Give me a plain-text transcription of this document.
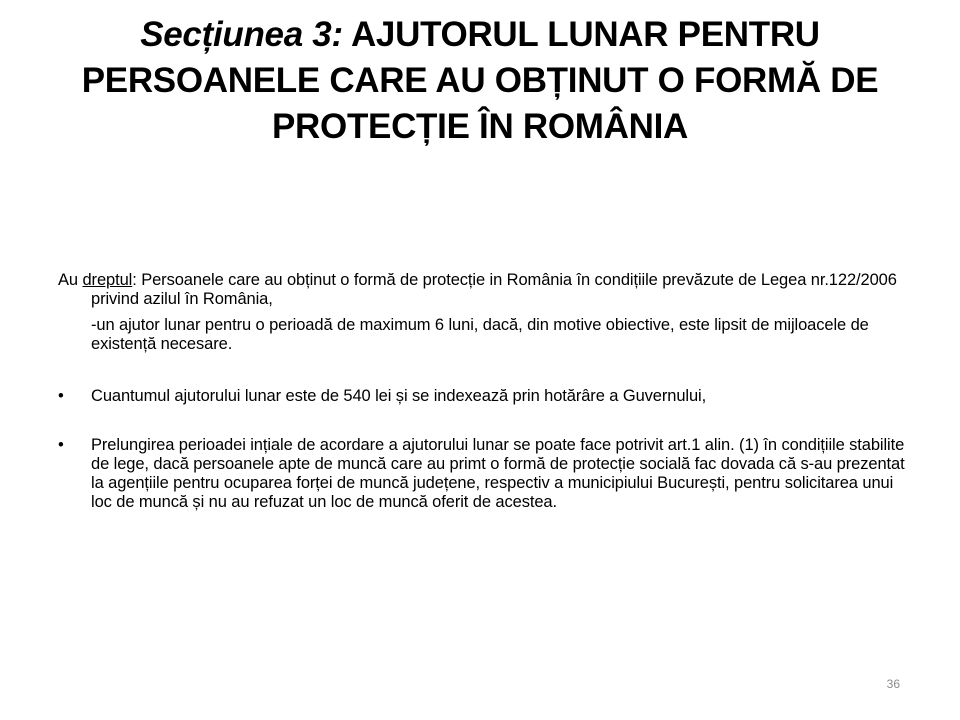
Secțiunea 3: AJUTORUL LUNAR PENTRU PERSOANELE CARE AU OBȚINUT O FORMĂ DE PROTECȚIE ÎN ROMÂNIA

Au dreptul: Persoanele care au obținut o formă de protecție in România în condițiile prevăzute de Legea nr.122/2006 privind azilul în România,

-un ajutor lunar pentru o perioadă de maximum 6 luni, dacă, din motive obiective, este lipsit de mijloacele de existență necesare.

•	Cuantumul ajutorului lunar este de 540 lei și se indexează prin hotărâre a Guvernului,

•	Prelungirea perioadei ințiale de acordare a ajutorului lunar se poate face potrivit art.1 alin. (1) în condițiile stabilite de lege, dacă persoanele apte de muncă care au primt o formă de protecție socială fac dovada că s-au prezentat la agențiile pentru ocuparea forței de muncă județene, respectiv a municipiului București, pentru solicitarea unui loc de muncă și nu au refuzat un loc de muncă oferit de acestea.

36
